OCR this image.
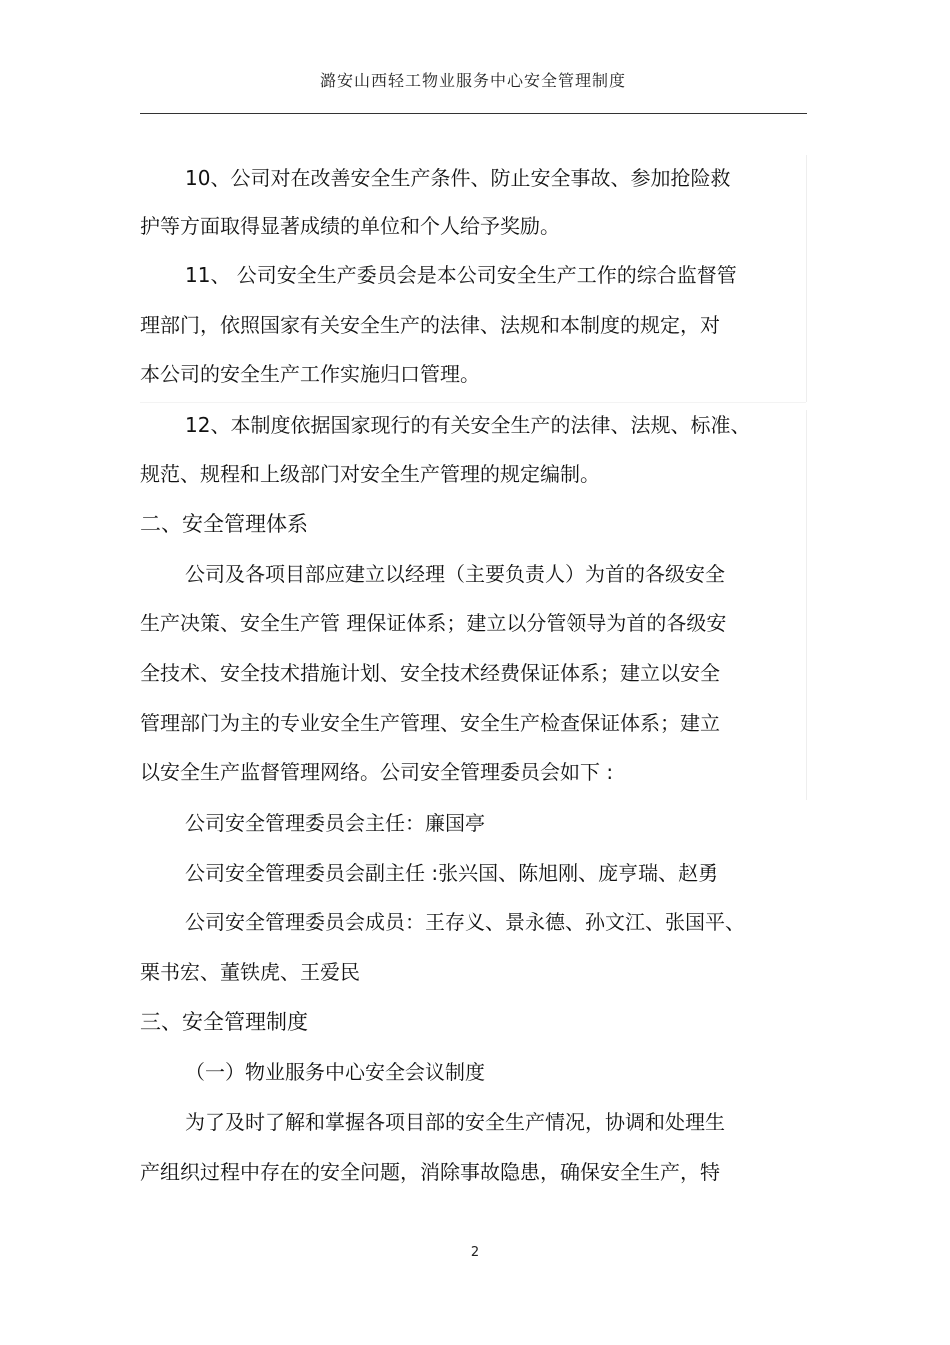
潞安山西轻工物业服务中心安全管理制度
10、公司对在改善安全生产条件、防止安全事故、参加抢险救
护等方面取得显著成绩的单位和个人给予奖励。
11、 公司安全生产委员会是本公司安全生产工作的综合监督管
理部门，依照国家有关安全生产的法律、法规和本制度的规定，对
本公司的安全生产工作实施归口管理。
12、本制度依据国家现行的有关安全生产的法律、法规、标准、
规范、规程和上级部门对安全生产管理的规定编制。
二、安全管理体系
公司及各项目部应建立以经理（主要负责人）为首的各级安全
生产决策、安全生产管 理保证体系；建立以分管领导为首的各级安
全技术、安全技术措施计划、安全技术经费保证体系；建立以安全
管理部门为主的专业安全生产管理、安全生产检查保证体系；建立
以安全生产监督管理网络。公司安全管理委员会如下 :
公司安全管理委员会主任：廉国亭
公司安全管理委员会副主任 :张兴国、陈旭刚、庞亨瑞、赵勇
公司安全管理委员会成员：王存义、景永德、孙文江、张国平、
栗书宏、董铁虎、王爱民
三、安全管理制度
（一）物业服务中心安全会议制度
为了及时了解和掌握各项目部的安全生产情况，协调和处理生
产组织过程中存在的安全问题，消除事故隐患，确保安全生产，特
2
